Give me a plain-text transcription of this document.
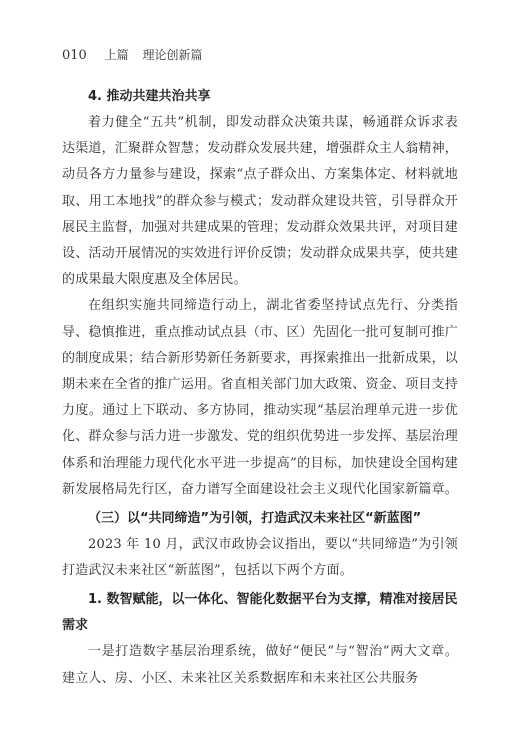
010 上篇 理论创新篇

4. 推动共建共治共享

着力健全“五共”机制，即发动群众决策共谋，畅通群众诉求表达渠道，汇聚群众智慧；发动群众发展共建，增强群众主人翁精神，动员各方力量参与建设，探索“点子群众出、方案集体定、材料就地取、用工本地找”的群众参与模式；发动群众建设共管，引导群众开展民主监督，加强对共建成果的管理；发动群众效果共评，对项目建设、活动开展情况的实效进行评价反馈；发动群众成果共享，使共建的成果最大限度惠及全体居民。

在组织实施共同缔造行动上，湖北省委坚持试点先行、分类指导、稳慎推进，重点推动试点县（市、区）先固化一批可复制可推广的制度成果；结合新形势新任务新要求，再探索推出一批新成果，以期未来在全省的推广运用。省直相关部门加大政策、资金、项目支持力度。通过上下联动、多方协同，推动实现“基层治理单元进一步优化、群众参与活力进一步激发、党的组织优势进一步发挥、基层治理体系和治理能力现代化水平进一步提高”的目标，加快建设全国构建新发展格局先行区，奋力谱写全面建设社会主义现代化国家新篇章。

（三）以“共同缔造”为引领，打造武汉未来社区“新蓝图”

2023 年 10 月，武汉市政协会议指出，要以“共同缔造”为引领打造武汉未来社区“新蓝图”，包括以下两个方面。

1. 数智赋能，以一体化、智能化数据平台为支撑，精准对接居民需求

一是打造数字基层治理系统，做好“便民”与“智治”两大文章。建立人、房、小区、未来社区关系数据库和未来社区公共服务
